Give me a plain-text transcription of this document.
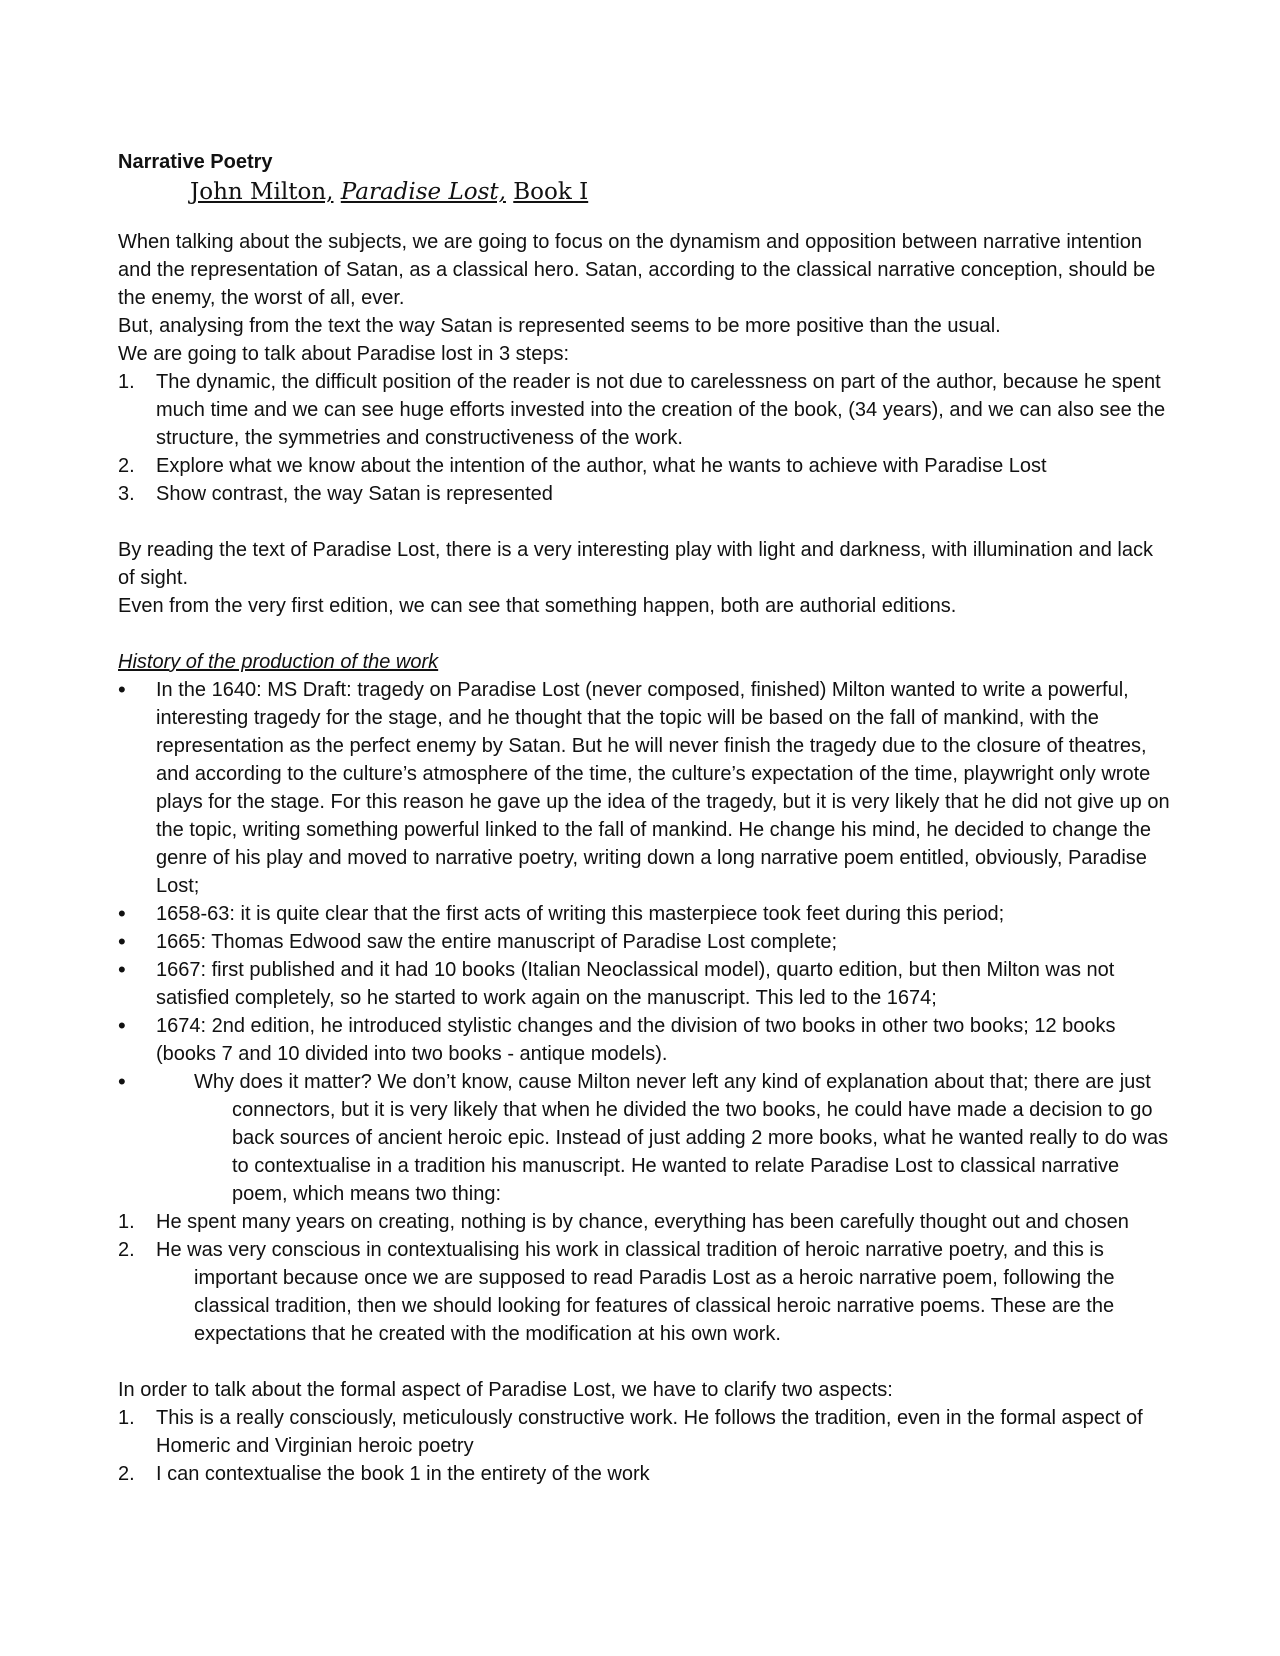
Narrative Poetry

John Milton, Paradise Lost, Book I

When talking about the subjects, we are going to focus on the dynamism and opposition between narrative intention and the representation of Satan, as a classical hero. Satan, according to the classical narrative conception, should be the enemy, the worst of all, ever.

But, analysing from the text the way Satan is represented seems to be more positive than the usual.

We are going to talk about Paradise lost in 3 steps:

1.	The dynamic, the difficult position of the reader is not due to carelessness on part of the author, because he spent much time and we can see huge efforts invested into the creation of the book, (34 years), and we can also see the structure, the symmetries and constructiveness of the work.
2.	Explore what we know about the intention of the author, what he wants to achieve with Paradise Lost
3.	Show contrast, the way Satan is represented

By reading the text of Paradise Lost, there is a very interesting play with light and darkness, with illumination and lack of sight.

Even from the very first edition, we can see that something happen, both are authorial editions.

History of the production of the work

•	In the 1640: MS Draft: tragedy on Paradise Lost (never composed, finished) Milton wanted to write a powerful, interesting tragedy for the stage, and he thought that the topic will be based on the fall of mankind, with the representation as the perfect enemy by Satan. But he will never finish the tragedy due to the closure of theatres, and according to the culture’s atmosphere of the time, the culture’s expectation of the time, playwright only wrote plays for the stage. For this reason he gave up the idea of the tragedy, but it is very likely that he did not give up on the topic, writing something powerful linked to the fall of mankind. He change his mind, he decided to change the genre of his play and moved to narrative poetry, writing down a long narrative poem entitled, obviously, Paradise Lost;
•	1658-63: it is quite clear that the first acts of writing this masterpiece took feet during this period;
•	1665: Thomas Edwood saw the entire manuscript of Paradise Lost complete;
•	1667: first published and it had 10 books (Italian Neoclassical model), quarto edition, but then Milton was not satisfied completely, so he started to work again on the manuscript. This led to the 1674;
•	1674: 2nd edition, he introduced stylistic changes and the division of two books in other two books; 12 books (books 7 and 10 divided into two books - antique models).
•	Why does it matter? We don’t know, cause Milton never left any kind of explanation about that; there are just connectors, but it is very likely that when he divided the two books, he could have made a decision to go back sources of ancient heroic epic. Instead of just adding 2 more books, what he wanted really to do was to contextualise in a tradition his manuscript. He wanted to relate Paradise Lost to classical narrative poem, which means two thing:
1.	He spent many years on creating, nothing is by chance, everything has been carefully thought out and chosen
2.	He was very conscious in contextualising his work in classical tradition of heroic narrative poetry, and this is important because once we are supposed to read Paradis Lost as a heroic narrative poem, following the classical tradition, then we should looking for features of classical heroic narrative poems. These are the expectations that he created with the modification at his own work.

In order to talk about the formal aspect of Paradise Lost, we have to clarify two aspects:

1.	This is a really consciously, meticulously constructive work. He follows the tradition, even in the formal aspect of Homeric and Virginian heroic poetry
2.	I can contextualise the book 1 in the entirety of the work
